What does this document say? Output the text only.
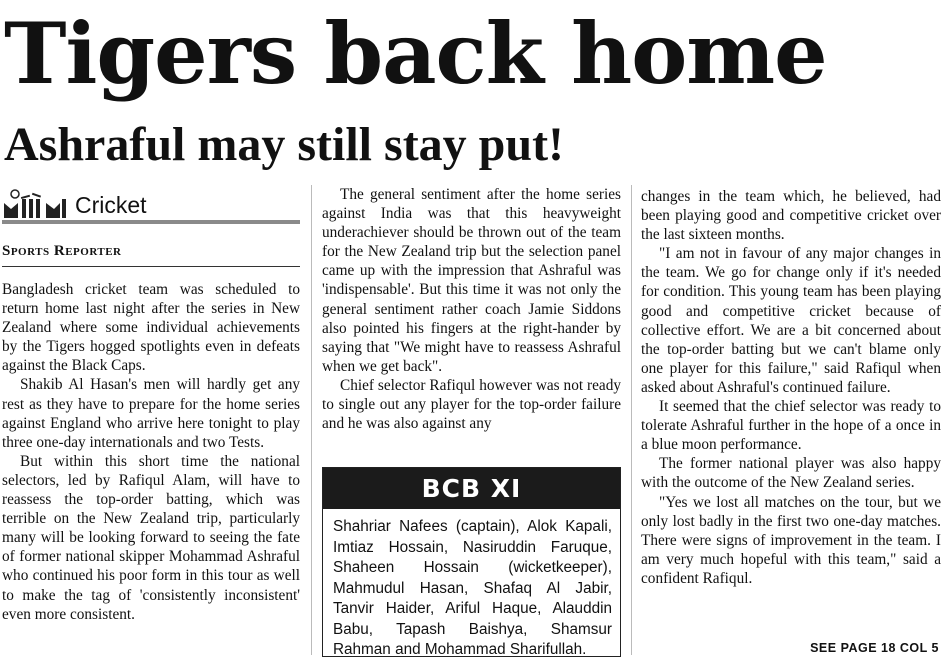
Tigers back home
Ashraful may still stay put!
Cricket
Sports Reporter

Bangladesh cricket team was scheduled to return home last night after the series in New Zealand where some individual achievements by the Tigers hogged spotlights even in defeats against the Black Caps.

Shakib Al Hasan's men will hardly get any rest as they have to prepare for the home series against England who arrive here tonight to play three one-day internationals and two Tests.

But within this short time the national selectors, led by Rafiqul Alam, will have to reassess the top-order batting, which was terrible on the New Zealand trip, particularly many will be looking forward to seeing the fate of former national skipper Mohammad Ashraful who continued his poor form in this tour as well to make the tag of 'consistently inconsistent' even more consistent.

The general sentiment after the home series against India was that this heavyweight underachiever should be thrown out of the team for the New Zealand trip but the selection panel came up with the impression that Ashraful was 'indispensable'. But this time it was not only the general sentiment rather coach Jamie Siddons also pointed his fingers at the right-hander by saying that "We might have to reassess Ashraful when we get back".

Chief selector Rafiqul however was not ready to single out any player for the top-order failure and he was also against any

BCB XI
Shahriar Nafees (captain), Alok Kapali, Imtiaz Hossain, Nasiruddin Faruque, Shaheen Hossain (wicketkeeper), Mahmudul Hasan, Shafaq Al Jabir, Tanvir Haider, Ariful Haque, Alauddin Babu, Tapash Baishya, Shamsur Rahman and Mohammad Sharifullah.

changes in the team which, he believed, had been playing good and competitive cricket over the last sixteen months.

"I am not in favour of any major changes in the team. We go for change only if it's needed for condition. This young team has been playing good and competitive cricket because of collective effort. We are a bit concerned about the top-order batting but we can't blame only one player for this failure," said Rafiqul when asked about Ashraful's continued failure.

It seemed that the chief selector was ready to tolerate Ashraful further in the hope of a once in a blue moon performance.

The former national player was also happy with the outcome of the New Zealand series.

"Yes we lost all matches on the tour, but we only lost badly in the first two one-day matches. There were signs of improvement in the team. I am very much hopeful with this team," said a confident Rafiqul.

SEE PAGE 18 COL 5
